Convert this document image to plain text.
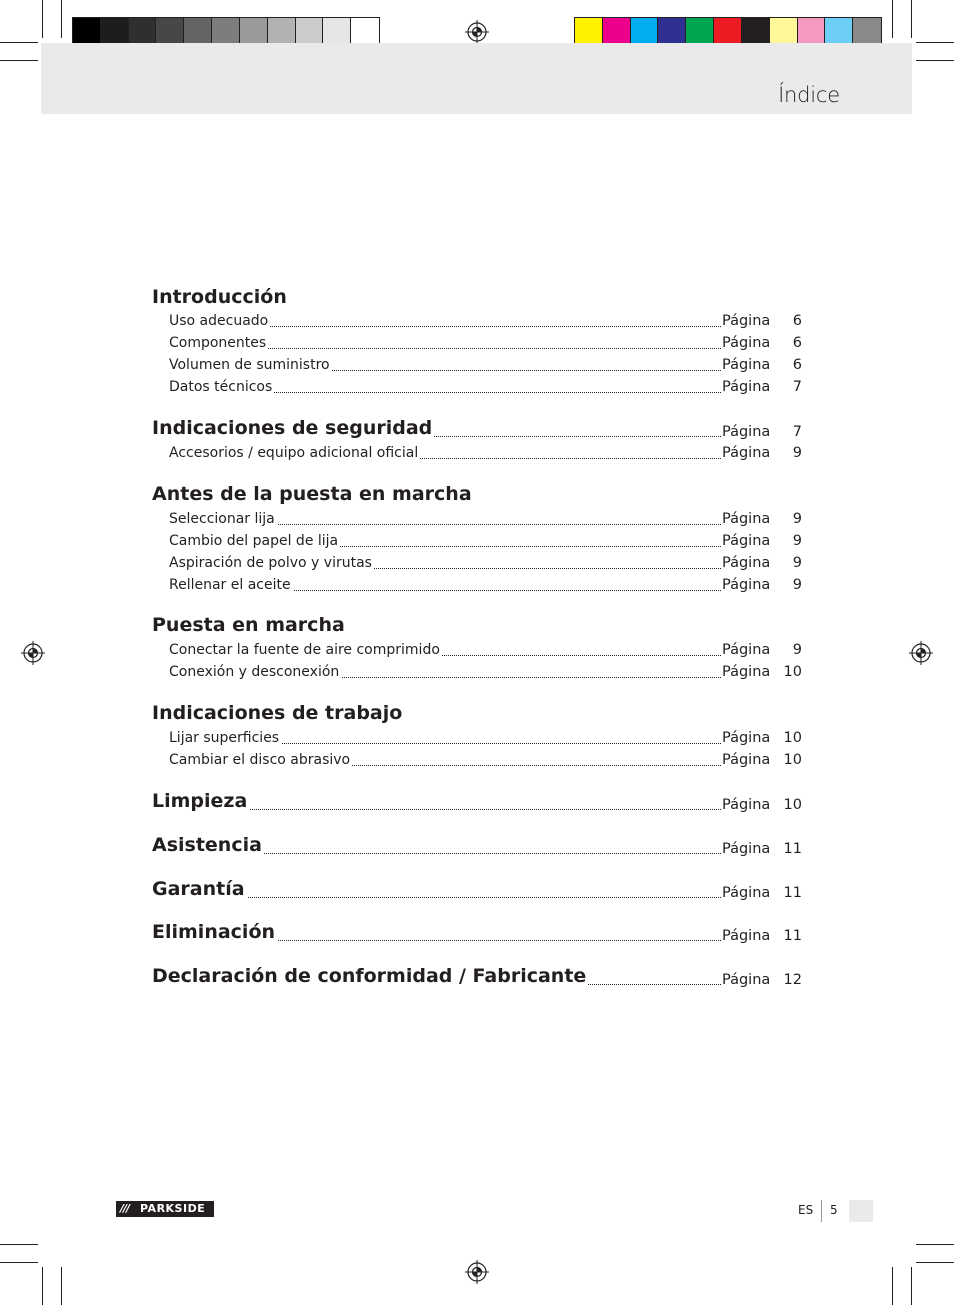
Índice
Introducción
Uso adecuado	Página 6
Componentes	Página 6
Volumen de suministro	Página 6
Datos técnicos	Página 7
Indicaciones de seguridad	Página 7
Accesorios / equipo adicional oficial	Página 9
Antes de la puesta en marcha
Seleccionar lija	Página 9
Cambio del papel de lija	Página 9
Aspiración de polvo y virutas	Página 9
Rellenar el aceite	Página 9
Puesta en marcha
Conectar la fuente de aire comprimido	Página 9
Conexión y desconexión	Página 10
Indicaciones de trabajo
Lijar superficies	Página 10
Cambiar el disco abrasivo	Página 10
Limpieza	Página 10
Asistencia	Página 11
Garantía	Página 11
Eliminación	Página 11
Declaración de conformidad / Fabricante	Página 12
/// PARKSIDE	ES 5
